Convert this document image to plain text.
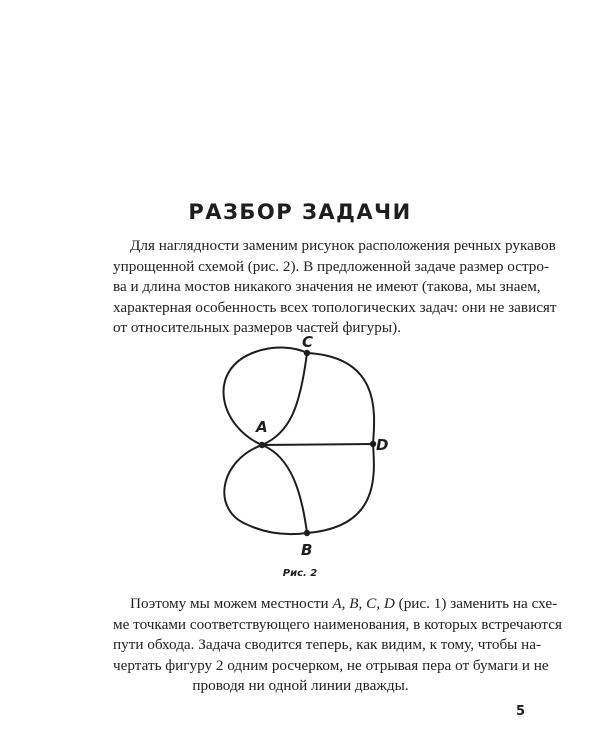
РАЗБОР ЗАДАЧИ

Для наглядности заменим рисунок расположения речных рукавов
упрощенной схемой (рис. 2). В предложенной задаче размер остро-
ва и длина мостов никакого значения не имеют (такова, мы знаем,
характерная особенность всех топологических задач: они не зависят
от относительных размеров частей фигуры).

C
A
D
B
Рис. 2

Поэтому мы можем местности A, B, C, D (рис. 1) заменить на схе-
ме точками соответствующего наименования, в которых встречаются
пути обхода. Задача сводится теперь, как видим, к тому, чтобы на-
чертать фигуру 2 одним росчерком, не отрывая пера от бумаги и не
проводя ни одной линии дважды.

5
